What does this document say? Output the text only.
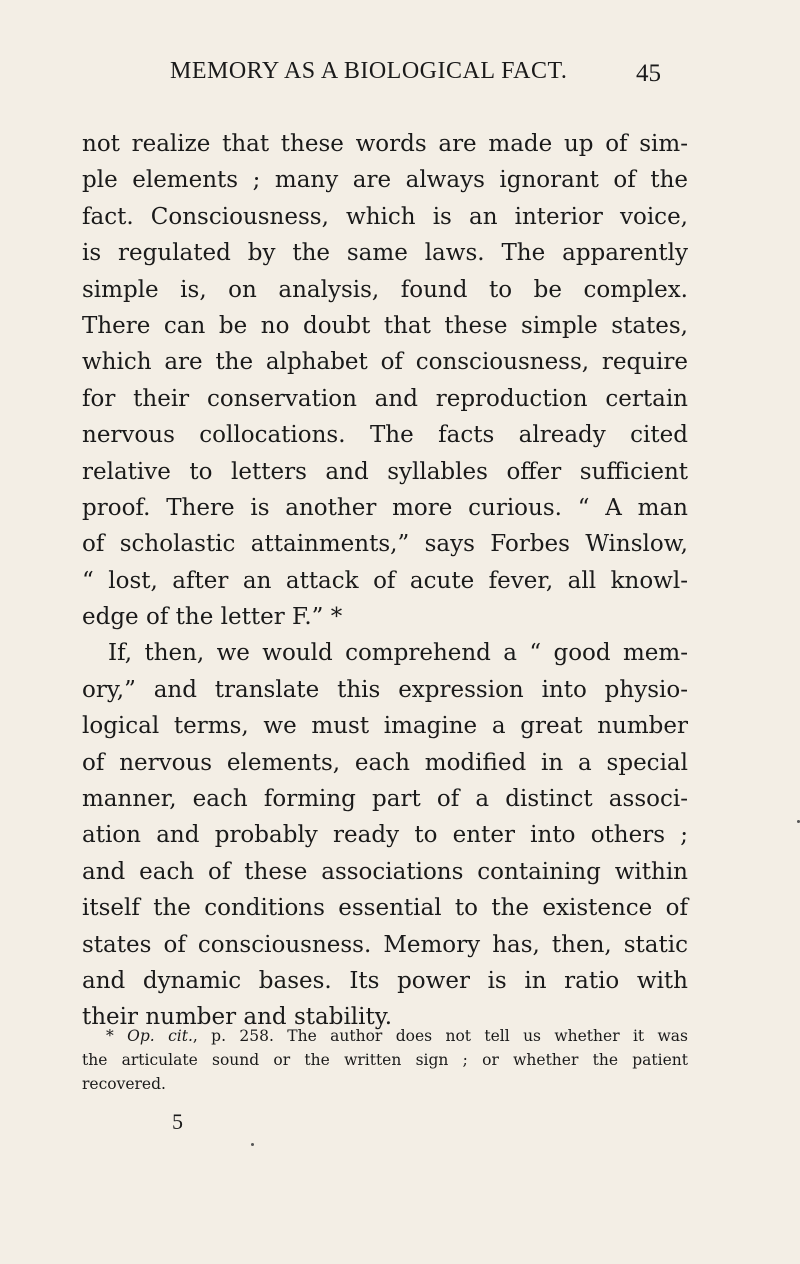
MEMORY AS A BIOLOGICAL FACT.	45
not realize that these words are made up of sim-
ple elements ; many are always ignorant of the
fact. Consciousness, which is an interior voice,
is regulated by the same laws. The apparently
simple is, on analysis, found to be complex.
There can be no doubt that these simple states,
which are the alphabet of consciousness, require
for their conservation and reproduction certain
nervous collocations. The facts already cited
relative to letters and syllables offer sufficient
proof. There is another more curious. “ A man
of scholastic attainments,” says Forbes Winslow,
“ lost, after an attack of acute fever, all knowl-
edge of the letter F.” *
If, then, we would comprehend a “ good mem-
ory,” and translate this expression into physio-
logical terms, we must imagine a great number
of nervous elements, each modified in a special
manner, each forming part of a distinct associ-
ation and probably ready to enter into others ;
and each of these associations containing within
itself the conditions essential to the existence of
states of consciousness. Memory has, then, static
and dynamic bases. Its power is in ratio with
their number and stability.
* Op. cit., p. 258. The author does not tell us whether it was
the articulate sound or the written sign ; or whether the patient
recovered.
5
